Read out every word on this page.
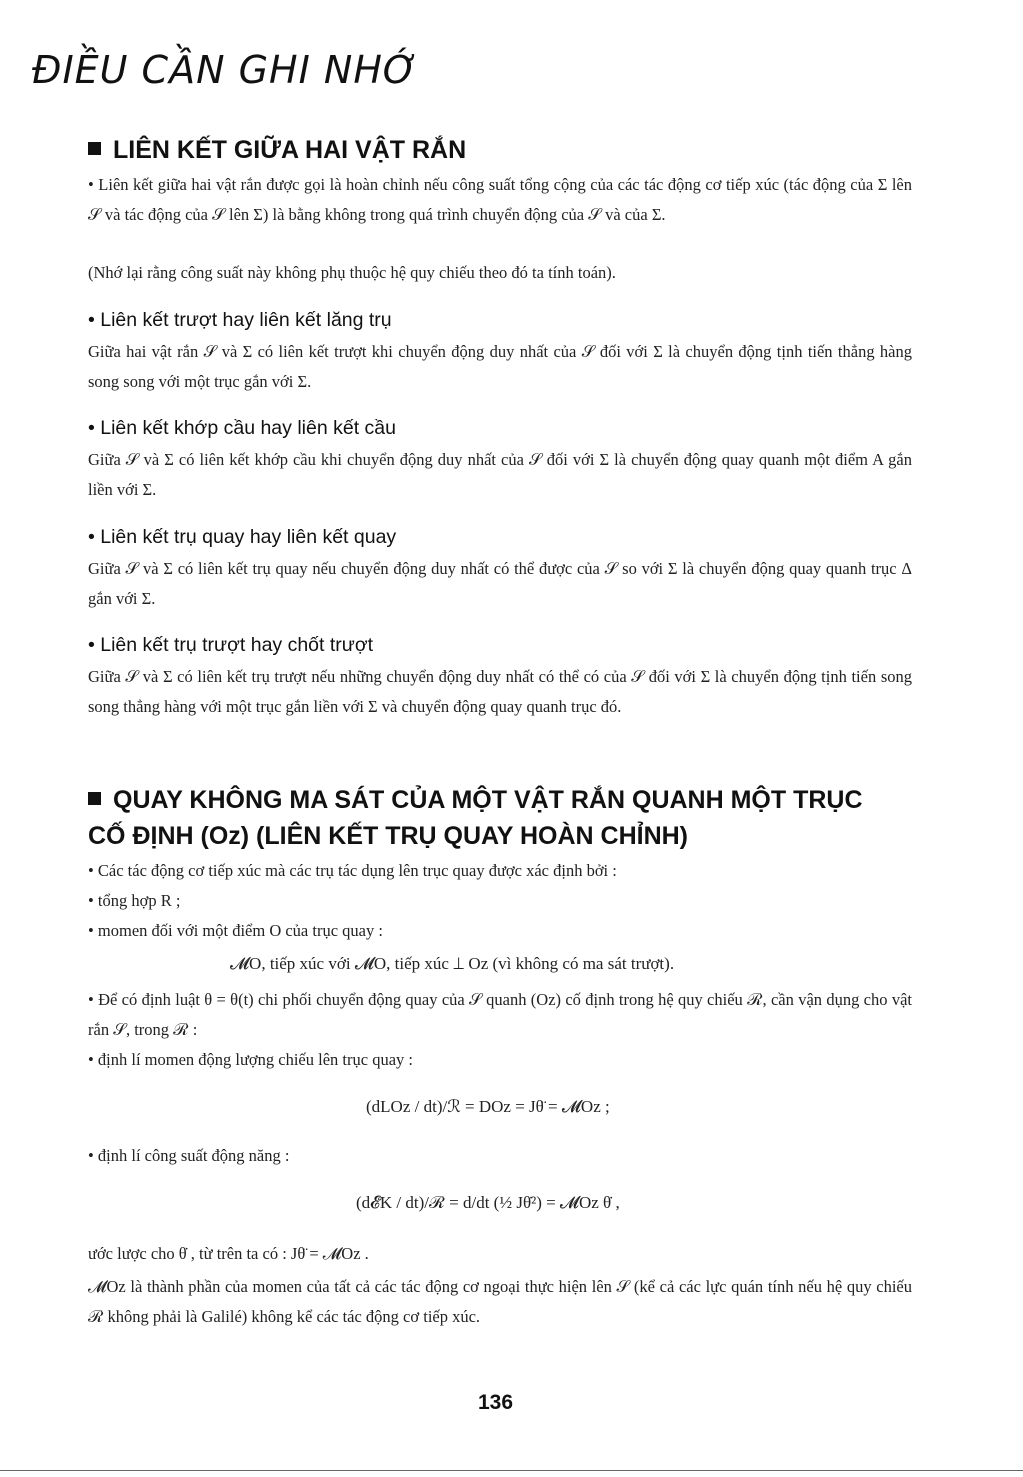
ĐIỀU CẦN GHI NHỚ
LIÊN KẾT GIỮA HAI VẬT RẮN

• Liên kết giữa hai vật rắn được gọi là hoàn chỉnh nếu công suất tổng cộng của các tác động cơ tiếp xúc (tác động của Σ lên 𝒮 và tác động của 𝒮 lên Σ) là bằng không trong quá trình chuyển động của 𝒮 và của Σ.

(Nhớ lại rằng công suất này không phụ thuộc hệ quy chiếu theo đó ta tính toán).

• Liên kết trượt hay liên kết lăng trụ

Giữa hai vật rắn 𝒮 và Σ có liên kết trượt khi chuyển động duy nhất của 𝒮 đối với Σ là chuyển động tịnh tiến thẳng hàng song song với một trục gắn với Σ.

• Liên kết khớp cầu hay liên kết cầu

Giữa 𝒮 và Σ có liên kết khớp cầu khi chuyển động duy nhất của 𝒮 đối với Σ là chuyển động quay quanh một điểm A gắn liền với Σ.

• Liên kết trụ quay hay liên kết quay

Giữa 𝒮 và Σ có liên kết trụ quay nếu chuyển động duy nhất có thể được của 𝒮 so với Σ là chuyển động quay quanh trục Δ gắn với Σ.

• Liên kết trụ trượt hay chốt trượt

Giữa 𝒮 và Σ có liên kết trụ trượt nếu những chuyển động duy nhất có thể có của 𝒮 đối với Σ là chuyển động tịnh tiến song song thẳng hàng với một trục gắn liền với Σ và chuyển động quay quanh trục đó.

QUAY KHÔNG MA SÁT CỦA MỘT VẬT RẮN QUANH MỘT TRỤC
CỐ ĐỊNH (Oz) (LIÊN KẾT TRỤ QUAY HOÀN CHỈNH)

• Các tác động cơ tiếp xúc mà các trụ tác dụng lên trục quay được xác định bởi :

• tổng hợp R ;

• momen đối với một điểm O của trục quay :

𝓜O, tiếp xúc với 𝓜O, tiếp xúc ⊥ Oz (vì không có ma sát trượt).

• Để có định luật θ = θ(t) chi phối chuyển động quay của 𝒮 quanh (Oz) cố định trong hệ quy chiếu ℛ, cần vận dụng cho vật rắn 𝒮, trong ℛ :

• định lí momen động lượng chiếu lên trục quay :

(dLOz / dt)/ℛ = DOz = Jθ̈ = 𝓜Oz ;

• định lí công suất động năng :

(d𝓔K / dt)/ℛ = d/dt (½ Jθ̇²) = 𝓜Oz θ̇ ,

ước lược cho θ̇ , từ trên ta có : Jθ̈ = 𝓜Oz .

𝓜Oz là thành phần của momen của tất cả các tác động cơ ngoại thực hiện lên 𝒮 (kể cả các lực quán tính nếu hệ quy chiếu ℛ không phải là Galilé) không kể các tác động cơ tiếp xúc.

136
